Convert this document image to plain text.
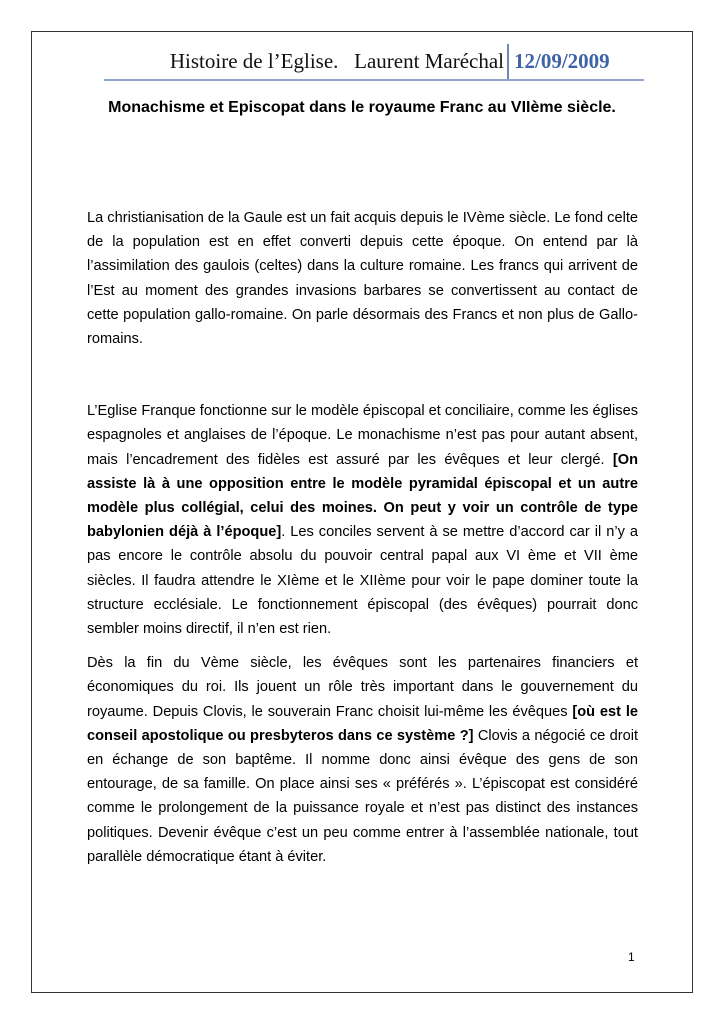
Histoire de l’Eglise. Laurent Maréchal 12/09/2009
Monachisme et Episcopat dans le royaume Franc au VIIème siècle.

La christianisation de la Gaule est un fait acquis depuis le IVème siècle. Le fond celte de la population est en effet converti depuis cette époque. On entend par là l’assimilation des gaulois (celtes) dans la culture romaine. Les francs qui arrivent de l’Est au moment des grandes invasions barbares se convertissent au contact de cette population gallo-romaine. On parle désormais des Francs et non plus de Gallo-romains.

L’Eglise Franque fonctionne sur le modèle épiscopal et conciliaire, comme les églises espagnoles et anglaises de l’époque. Le monachisme n’est pas pour autant absent, mais l’encadrement des fidèles est assuré par les évêques et leur clergé. [On assiste là à une opposition entre le modèle pyramidal épiscopal et un autre modèle plus collégial, celui des moines. On peut y voir un contrôle de type babylonien déjà à l’époque]. Les conciles servent à se mettre d’accord car il n’y a pas encore le contrôle absolu du pouvoir central papal aux VI ème et VII ème siècles. Il faudra attendre le XIème et le XIIème pour voir le pape dominer toute la structure ecclésiale. Le fonctionnement épiscopal (des évêques) pourrait donc sembler moins directif, il n’en est rien.

Dès la fin du Vème siècle, les évêques sont les partenaires financiers et économiques du roi. Ils jouent un rôle très important dans le gouvernement du royaume. Depuis Clovis, le souverain Franc choisit lui-même les évêques [où est le conseil apostolique ou presbyteros dans ce système ?] Clovis a négocié ce droit en échange de son baptême. Il nomme donc ainsi évêque des gens de son entourage, de sa famille. On place ainsi ses « préférés ». L’épiscopat est considéré comme le prolongement de la puissance royale et n’est pas distinct des instances politiques. Devenir évêque c’est un peu comme entrer à l’assemblée nationale, tout parallèle démocratique étant à éviter.

1
